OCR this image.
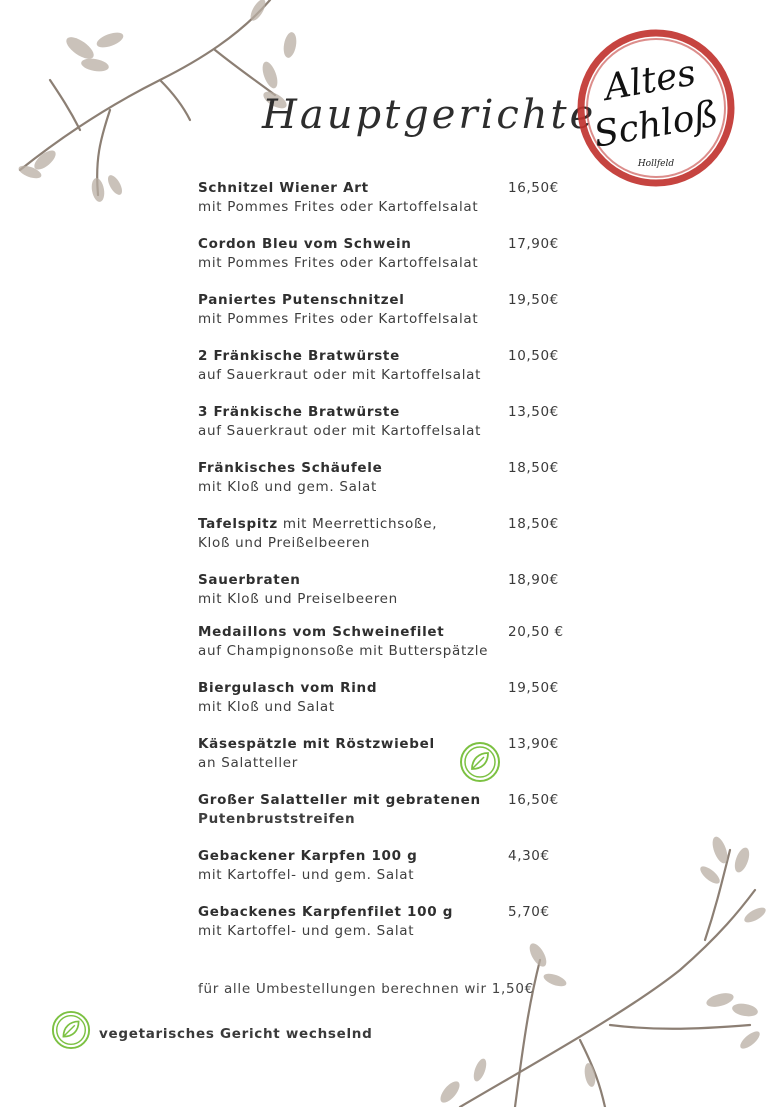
Hauptgerichte
Altes
Schloß
Hollfeld
Schnitzel Wiener Art
mit Pommes Frites oder Kartoffelsalat
16,50€
Cordon Bleu vom Schwein
mit Pommes Frites oder Kartoffelsalat
17,90€
Paniertes Putenschnitzel
mit Pommes Frites oder Kartoffelsalat
19,50€
2 Fränkische Bratwürste
auf Sauerkraut oder mit Kartoffelsalat
10,50€
3 Fränkische Bratwürste
auf Sauerkraut oder mit Kartoffelsalat
13,50€
Fränkisches Schäufele
mit Kloß und gem. Salat
18,50€
Tafelspitz mit Meerrettichsoße,
Kloß und Preißelbeeren
18,50€
Sauerbraten
mit Kloß und Preiselbeeren
18,90€
Medaillons vom Schweinefilet
auf Champignonsoße mit Butterspätzle
20,50 €
Biergulasch vom Rind
mit Kloß und Salat
19,50€
Käsespätzle mit Röstzwiebel
an Salatteller
13,90€
Großer Salatteller mit gebratenen
Putenbruststreifen
16,50€
Gebackener Karpfen 100 g
mit Kartoffel- und gem. Salat
4,30€
Gebackenes Karpfenfilet 100 g
mit Kartoffel- und gem. Salat
5,70€
für alle Umbestellungen berechnen wir 1,50€
vegetarisches Gericht wechselnd
